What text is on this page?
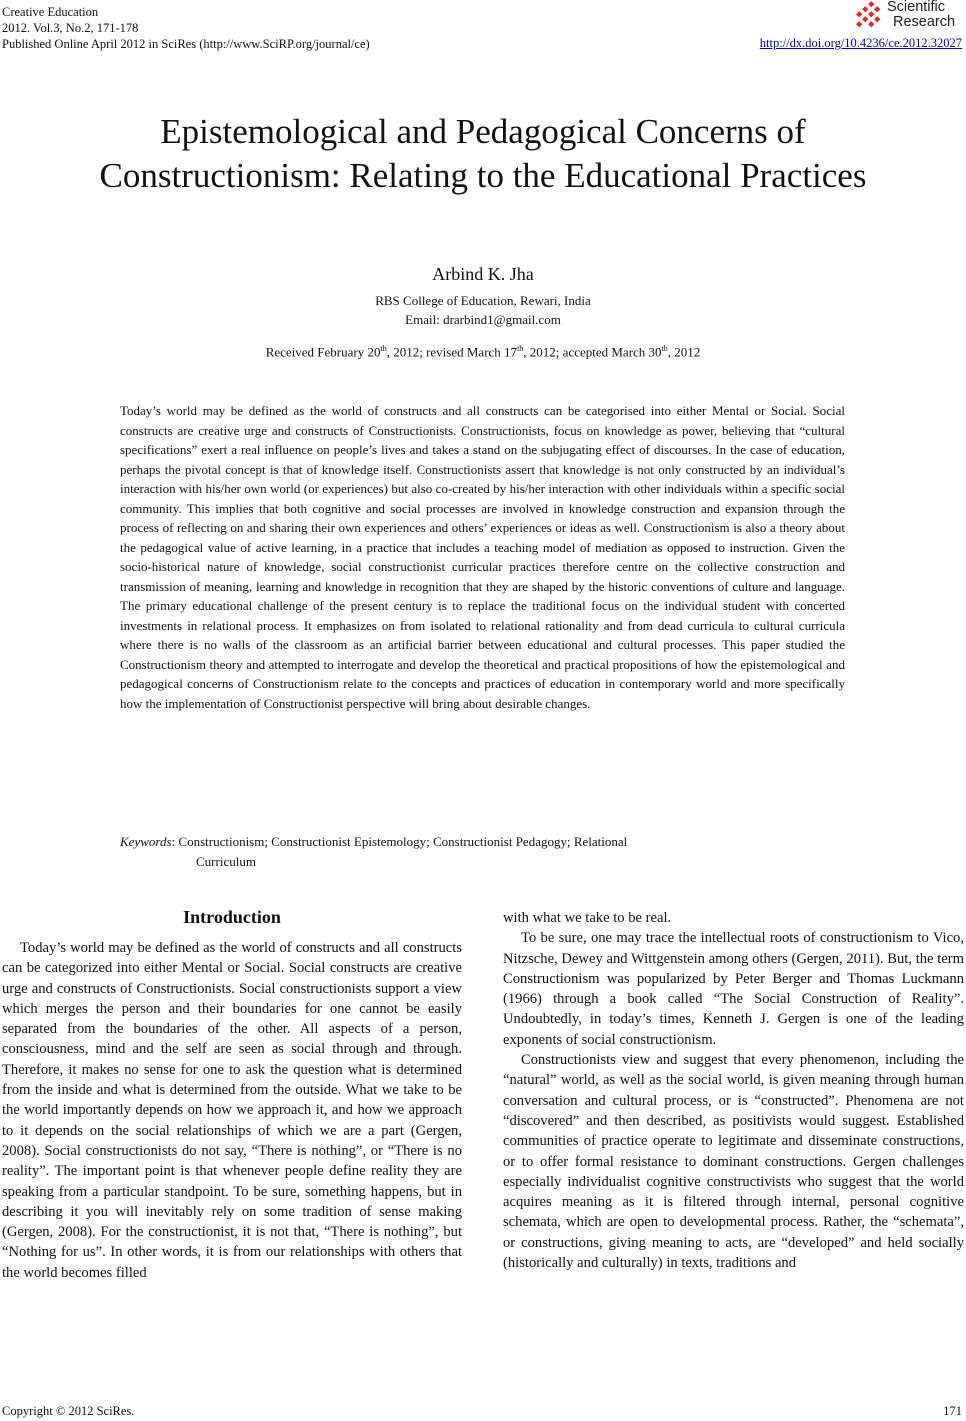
Creative Education
2012. Vol.3, No.2, 171-178
Published Online April 2012 in SciRes (http://www.SciRP.org/journal/ce)
Scientific
Research
http://dx.doi.org/10.4236/ce.2012.32027
Epistemological and Pedagogical Concerns of Constructionism: Relating to the Educational Practices
Arbind K. Jha
RBS College of Education, Rewari, India
Email: drarbind1@gmail.com
Received February 20th, 2012; revised March 17th, 2012; accepted March 30th, 2012
Today’s world may be defined as the world of constructs and all constructs can be categorised into either Mental or Social. Social constructs are creative urge and constructs of Constructionists. Constructionists, focus on knowledge as power, believing that “cultural specifications” exert a real influence on people’s lives and takes a stand on the subjugating effect of discourses. In the case of education, perhaps the pivotal concept is that of knowledge itself. Constructionists assert that knowledge is not only constructed by an individual’s interaction with his/her own world (or experiences) but also co-created by his/her interaction with other individuals within a specific social community. This implies that both cognitive and social processes are involved in knowledge construction and expansion through the process of reflecting on and sharing their own experiences and others’ experiences or ideas as well. Constructionism is also a theory about the pedagogical value of active learning, in a practice that includes a teaching model of mediation as opposed to instruction. Given the socio-historical nature of knowledge, social constructionist curricular practices therefore centre on the collective construction and transmission of meaning, learning and knowledge in recognition that they are shaped by the historic conventions of culture and language. The primary educational challenge of the present century is to replace the traditional focus on the individual student with concerted investments in relational process. It emphasizes on from isolated to relational rationality and from dead curricula to cultural curricula where there is no walls of the classroom as an artificial barrier between educational and cultural processes. This paper studied the Constructionism theory and attempted to interrogate and develop the theoretical and practical propositions of how the epistemological and pedagogical concerns of Constructionism relate to the concepts and practices of education in contemporary world and more specifically how the implementation of Constructionist perspective will bring about desirable changes.
Keywords: Constructionism; Constructionist Epistemology; Constructionist Pedagogy; Relational
Curriculum
Introduction

Today’s world may be defined as the world of constructs and all constructs can be categorized into either Mental or Social. Social constructs are creative urge and constructs of Constructionists. Social constructionists support a view which merges the person and their boundaries for one cannot be easily separated from the boundaries of the other. All aspects of a person, consciousness, mind and the self are seen as social through and through. Therefore, it makes no sense for one to ask the question what is determined from the inside and what is determined from the outside. What we take to be the world importantly depends on how we approach it, and how we approach to it depends on the social relationships of which we are a part (Gergen, 2008). Social constructionists do not say, “There is nothing”, or “There is no reality”. The important point is that whenever people define reality they are speaking from a particular standpoint. To be sure, something happens, but in describing it you will inevitably rely on some tradition of sense making (Gergen, 2008). For the constructionist, it is not that, “There is nothing”, but “Nothing for us”. In other words, it is from our relationships with others that the world becomes filled

with what we take to be real.

To be sure, one may trace the intellectual roots of constructionism to Vico, Nitzsche, Dewey and Wittgenstein among others (Gergen, 2011). But, the term Constructionism was popularized by Peter Berger and Thomas Luckmann (1966) through a book called “The Social Construction of Reality”. Undoubtedly, in today’s times, Kenneth J. Gergen is one of the leading exponents of social constructionism.

Constructionists view and suggest that every phenomenon, including the “natural” world, as well as the social world, is given meaning through human conversation and cultural process, or is “constructed”. Phenomena are not “discovered” and then described, as positivists would suggest. Established communities of practice operate to legitimate and disseminate constructions, or to offer formal resistance to dominant constructions. Gergen challenges especially individualist cognitive constructivists who suggest that the world acquires meaning as it is filtered through internal, personal cognitive schemata, which are open to developmental process. Rather, the “schemata”, or constructions, giving meaning to acts, are “developed” and held socially (historically and culturally) in texts, traditions and

Copyright © 2012 SciRes.	171
